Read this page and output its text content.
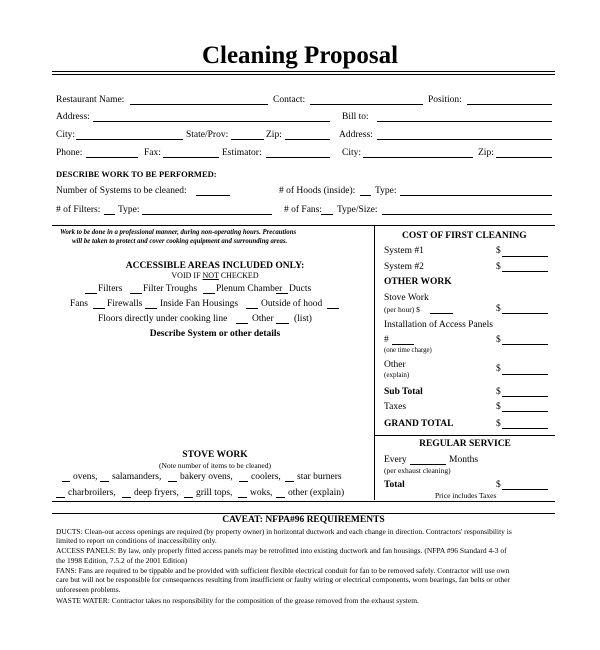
Cleaning Proposal
Restaurant Name:	Contact:	Position:
Address:	Bill to:
City:	State/Prov:	Zip:	Address:
Phone:	Fax:	Estimator:	City:	Zip:
DESCRIBE WORK TO BE PERFORMED:
Number of Systems to be cleaned:	# of Hoods (inside): Type:
# of Filters: Type:	# of Fans: Type/Size:
Work to be done in a professional manner, during non-operating hours. Precautions
will be taken to protect and cover cooking equipment and surrounding areas.
ACCESSIBLE AREAS INCLUDED ONLY:
VOID IF NOT CHECKED
Filters Filter Troughs Plenum Chamber Ducts
Fans Firewalls Inside Fan Housings Outside of hood
Floors directly under cooking line	Other (list)
Describe System or other details
STOVE WORK
(Note number of items to be cleaned)
ovens, salamanders, bakery ovens, coolers, star burners
charbroilers, deep fryers, grill tops, woks, other (explain)
COST OF FIRST CLEANING
System #1	$
System #2	$
OTHER WORK
Stove Work
(per hour) $	$
Installation of Access Panels
#	$
(one time charge)
Other	$
(explain)
Sub Total	$
Taxes	$
GRAND TOTAL	$
REGULAR SERVICE
Every	Months
(per exhaust cleaning)
Total	$
Price includes Taxes
CAVEAT: NFPA#96 REQUIREMENTS
DUCTS: Clean-out access openings are required (by property owner) in horizontal ductwork and each change in direction. Contractors' responsibility is
limited to report on conditions of inaccessibility only.
ACCESS PANELS: By law, only properly fitted access panels may be retrofitted into existing ductwork and fan housings. (NFPA #96 Standard 4-3 of
the 1998 Edition, 7.5.2 of the 2001 Edition)
FANS: Fans are required to be tippable and be provided with sufficient flexible electrical conduit for fan to be removed safely. Contractor will use own
care but will not be responsible for consequences resulting from insufficient or faulty wiring or electrical components, worn bearings, fan belts or other
unforeseen problems.
WASTE WATER: Contractor takes no responsibility for the composition of the grease removed from the exhaust system.
